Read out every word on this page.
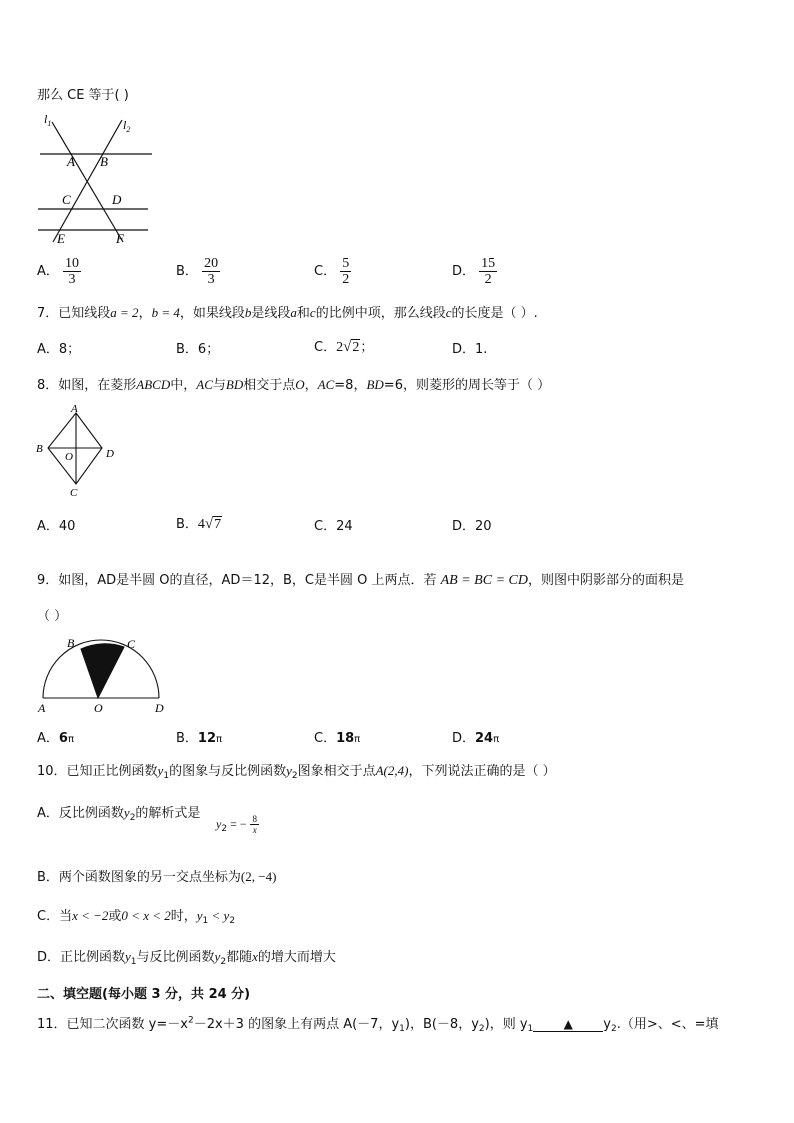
那么 CE 等于( )
$l_1$	$l_2$
A B
C	D
E	F
A． $\frac{10}{3}$	B． $\frac{20}{3}$	C． $\frac{5}{2}$	D． $\frac{15}{2}$
7．已知线段a = 2，b = 4，如果线段b是线段a和c的比例中项，那么线段c的长度是（ ）.
A．8；	B．6；	C．2√2；	D．1.
8．如图，在菱形ABCD中，AC与BD相交于点O，AC=8，BD=6，则菱形的周长等于（ ）
A
B	D
O
C
A．40	B．4√7	C．24	D．20
9．如图，AD是半圆 O的直径，AD＝12，B，C是半圆 O 上两点．若 AB = BC = CD，则图中阴影部分的面积是
（ ）
A
B	C
D
O
A．6π	B．12π	C．18π	D．24π
10．已知正比例函数$y_1$的图象与反比例函数$y_2$图象相交于点A(2,4)，下列说法正确的是（ ）
A．反比例函数$y_2$的解析式是
$y_2$ = − $\frac{8}{x}$
B．两个函数图象的另一交点坐标为(2, −4)
C．当x < −2或0 < x < 2时，$y_1 < y_2$
D．正比例函数$y_1$与反比例函数$y_2$都随x的增大而增大
二、填空题(每小题 3 分，共 24 分)
11．已知二次函数 $y=-x^2-2x+3$ 的图象上有两点 A(－7，$y_1$)，B(－8，$y_2$)，则 $y_1$	▲ $y_2$.（用>、<、=填
